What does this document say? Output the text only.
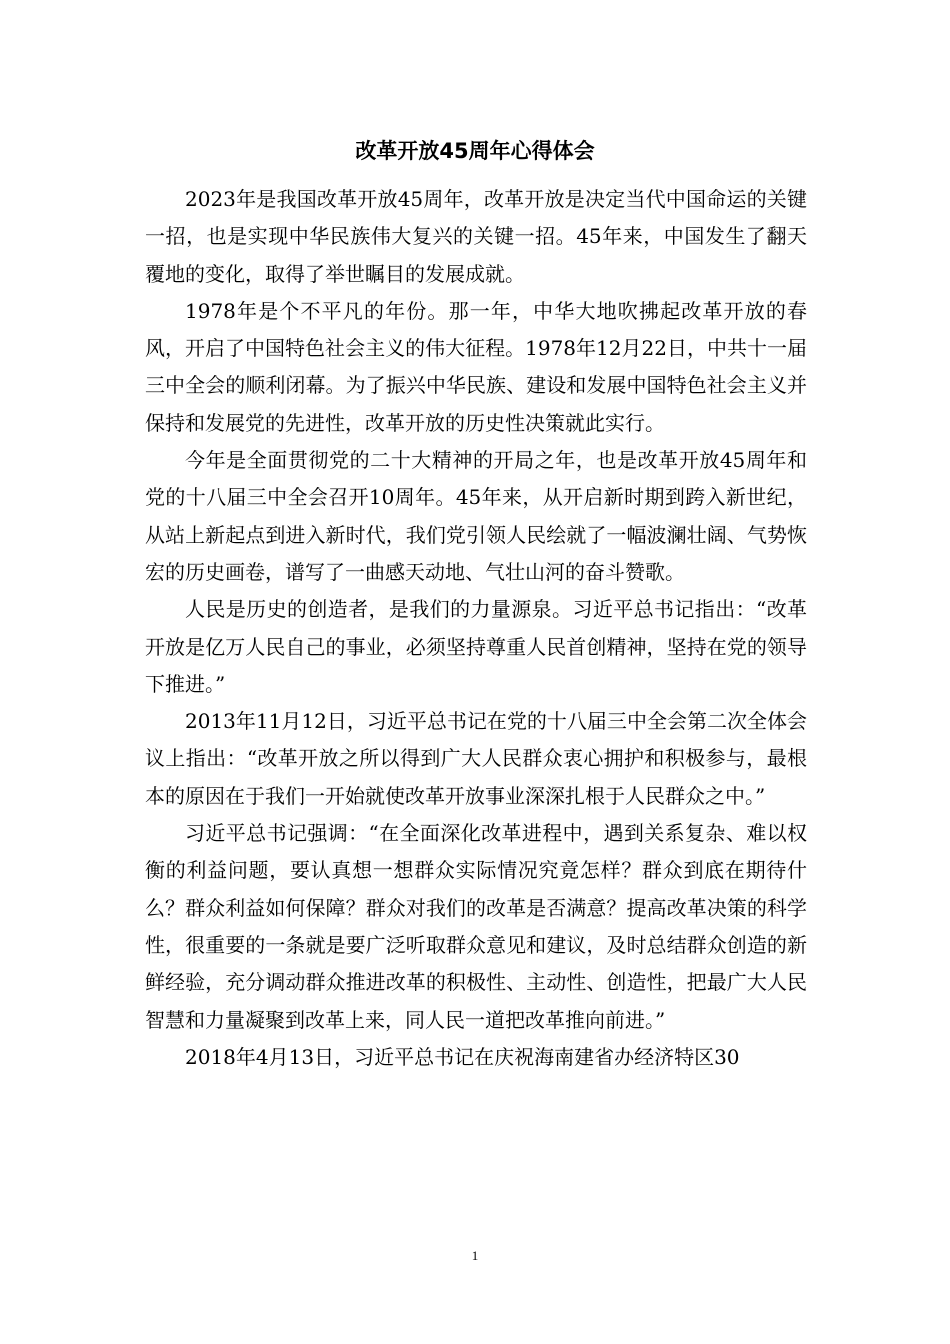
改革开放45周年心得体会

2023年是我国改革开放45周年，改革开放是决定当代中国命运的关键一招，也是实现中华民族伟大复兴的关键一招。45年来，中国发生了翻天覆地的变化，取得了举世瞩目的发展成就。

1978年是个不平凡的年份。那一年，中华大地吹拂起改革开放的春风，开启了中国特色社会主义的伟大征程。1978年12月22日，中共十一届三中全会的顺利闭幕。为了振兴中华民族、建设和发展中国特色社会主义并保持和发展党的先进性，改革开放的历史性决策就此实行。

今年是全面贯彻党的二十大精神的开局之年，也是改革开放45周年和党的十八届三中全会召开10周年。45年来，从开启新时期到跨入新世纪，从站上新起点到进入新时代，我们党引领人民绘就了一幅波澜壮阔、气势恢宏的历史画卷，谱写了一曲感天动地、气壮山河的奋斗赞歌。

人民是历史的创造者，是我们的力量源泉。习近平总书记指出：“改革开放是亿万人民自己的事业，必须坚持尊重人民首创精神，坚持在党的领导下推进。”

2013年11月12日，习近平总书记在党的十八届三中全会第二次全体会议上指出：“改革开放之所以得到广大人民群众衷心拥护和积极参与，最根本的原因在于我们一开始就使改革开放事业深深扎根于人民群众之中。”

习近平总书记强调：“在全面深化改革进程中，遇到关系复杂、难以权衡的利益问题，要认真想一想群众实际情况究竟怎样？群众到底在期待什么？群众利益如何保障？群众对我们的改革是否满意？提高改革决策的科学性，很重要的一条就是要广泛听取群众意见和建议，及时总结群众创造的新鲜经验，充分调动群众推进改革的积极性、主动性、创造性，把最广大人民智慧和力量凝聚到改革上来，同人民一道把改革推向前进。”

2018年4月13日，习近平总书记在庆祝海南建省办经济特区30

1
